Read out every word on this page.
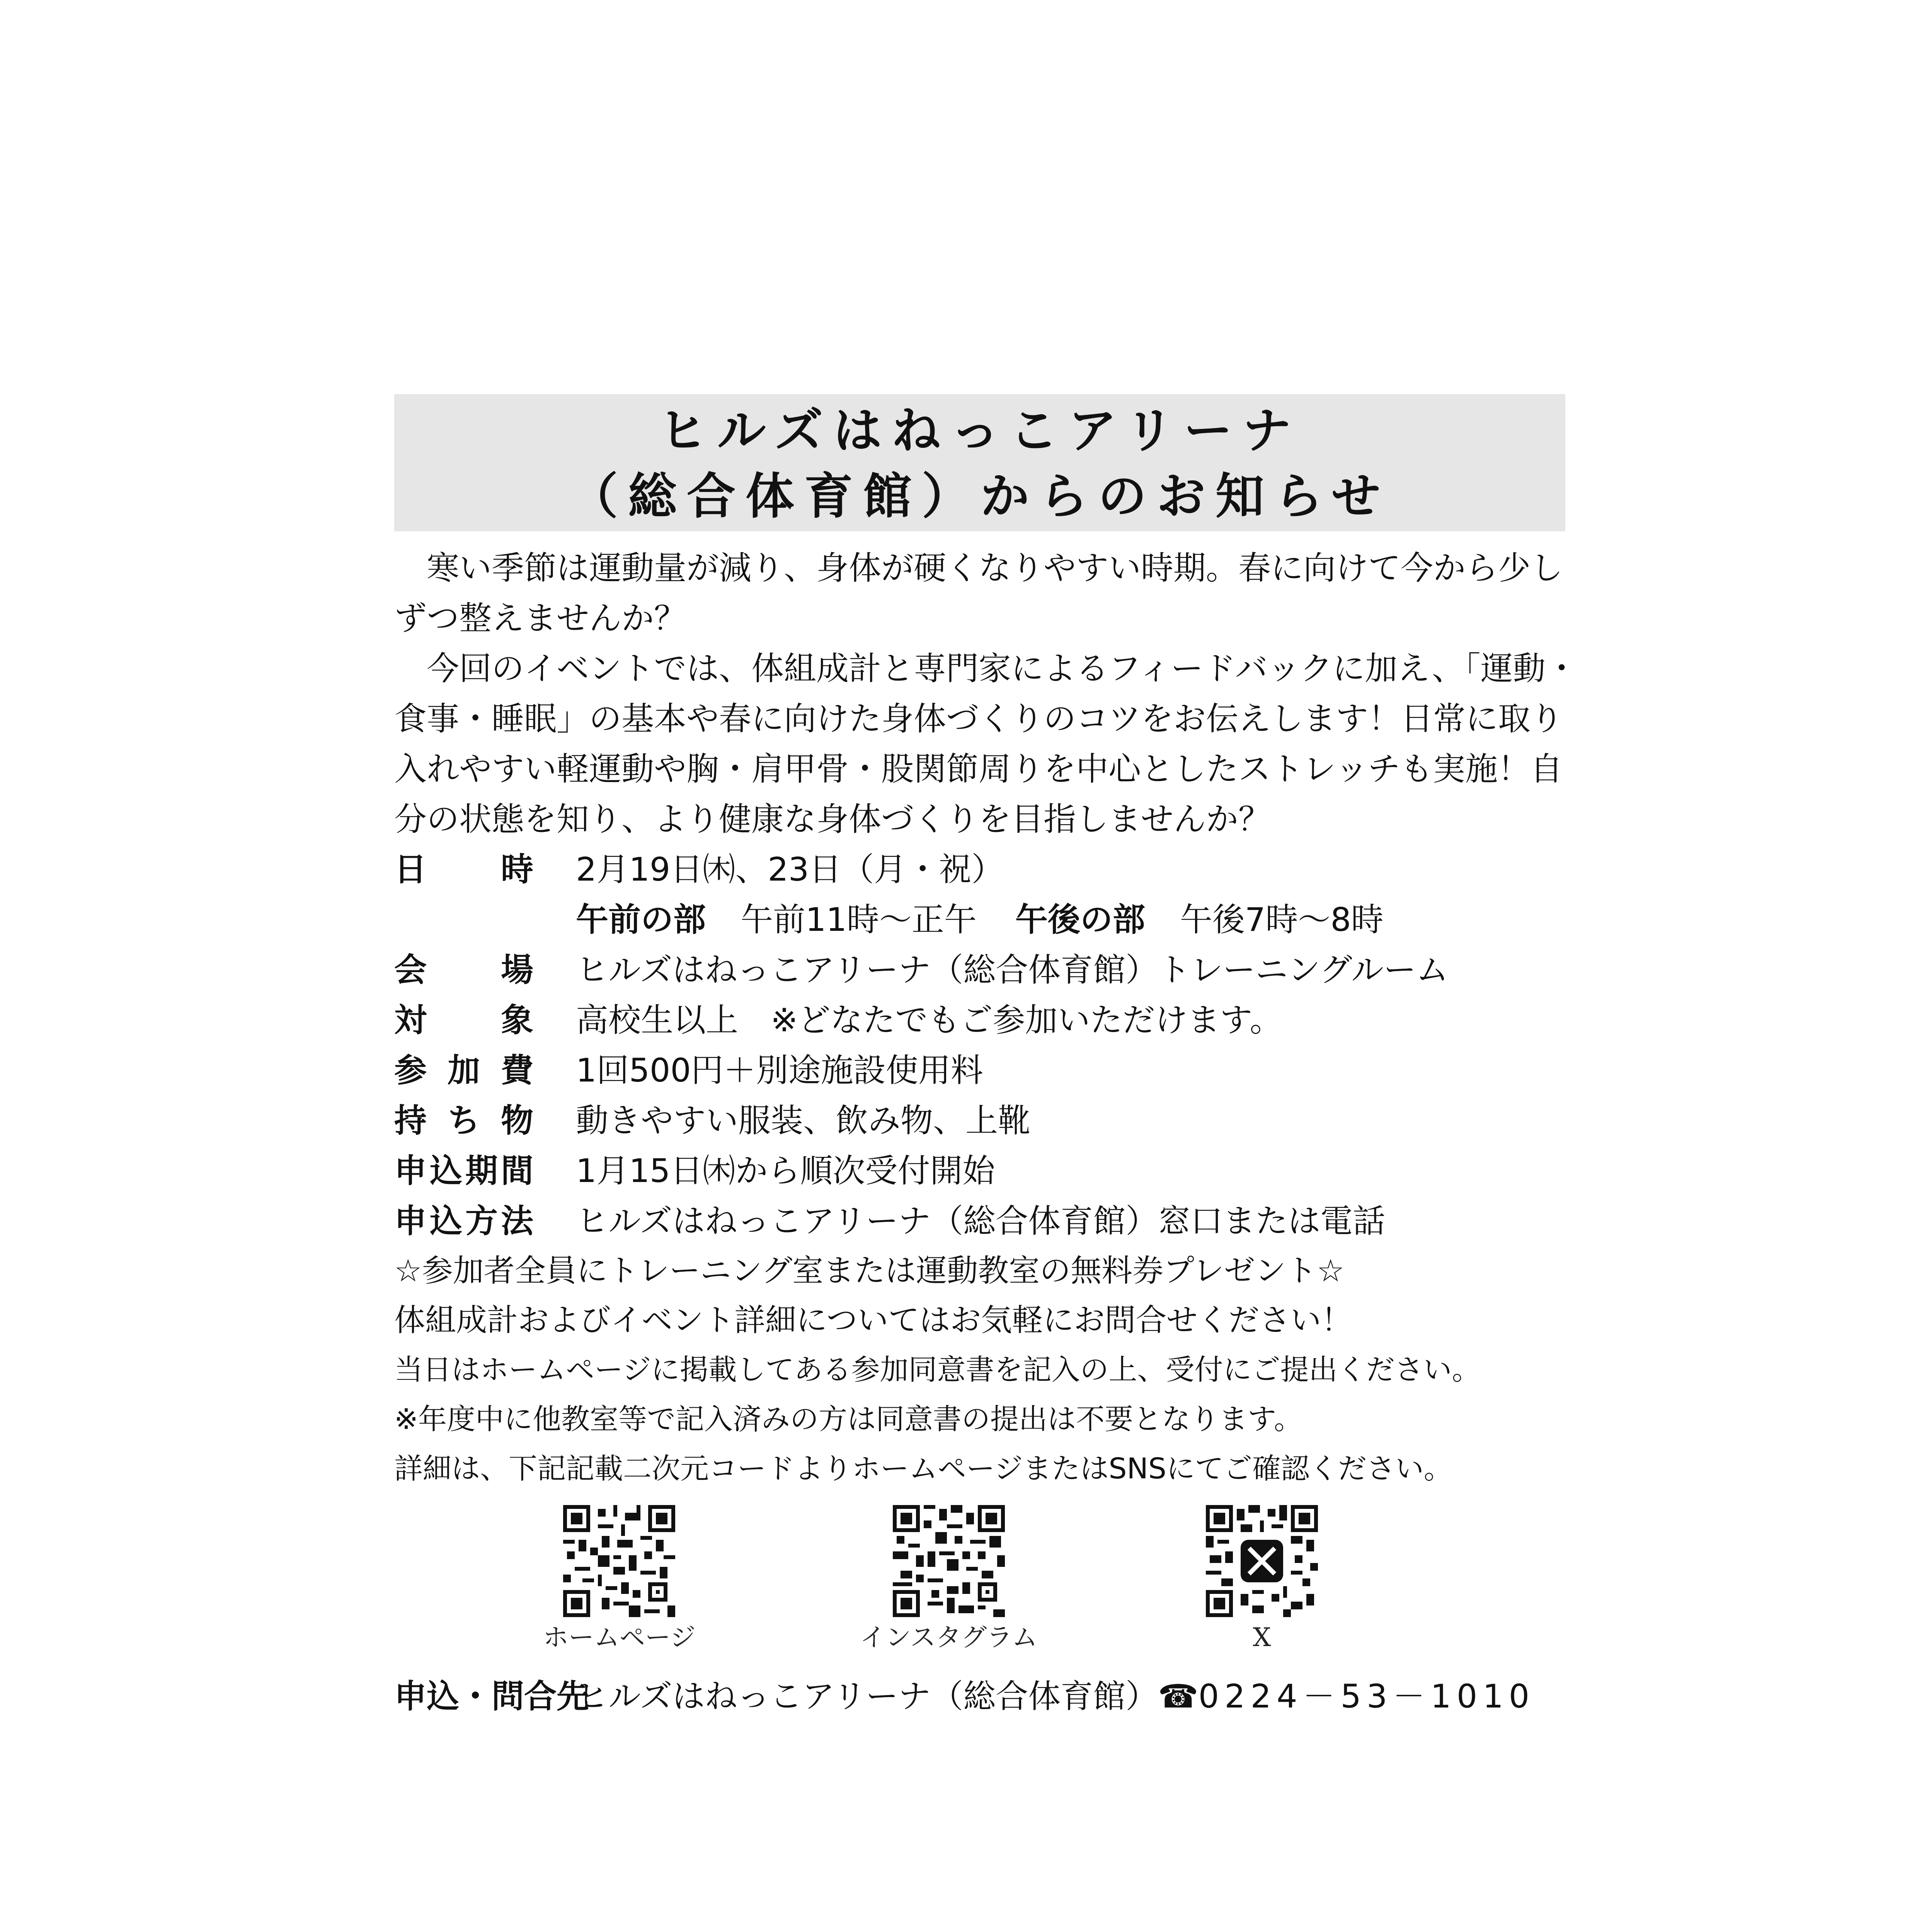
ヒルズはねっこアリーナ
（総合体育館）からのお知らせ

寒い季節は運動量が減り、身体が硬くなりやすい時期。春に向けて今から少しずつ整えませんか？

今回のイベントでは、体組成計と専門家によるフィードバックに加え、「運動・食事・睡眠」の基本や春に向けた身体づくりのコツをお伝えします！日常に取り入れやすい軽運動や胸・肩甲骨・股関節周りを中心としたストレッチも実施！自分の状態を知り、より健康な身体づくりを目指しませんか？

日時 2月19日㈭、23日（月・祝）
午前の部 午前11時～正午 午後の部 午後7時～8時
会場 ヒルズはねっこアリーナ（総合体育館）トレーニングルーム
対象 高校生以上　※どなたでもご参加いただけます。
参加費 1回500円＋別途施設使用料
持ち物 動きやすい服装、飲み物、上靴
申込期間 1月15日㈭から順次受付開始
申込方法 ヒルズはねっこアリーナ（総合体育館）窓口または電話
☆参加者全員にトレーニング室または運動教室の無料券プレゼント☆
体組成計およびイベント詳細についてはお気軽にお問合せください！
当日はホームページに掲載してある参加同意書を記入の上、受付にご提出ください。
※年度中に他教室等で記入済みの方は同意書の提出は不要となります。
詳細は、下記記載二次元コードよりホームページまたはSNSにてご確認ください。
ホームページ	インスタグラム	X
申込・問合先
ヒルズはねっこアリーナ（総合体育館） ☎ 0224－53－1010
